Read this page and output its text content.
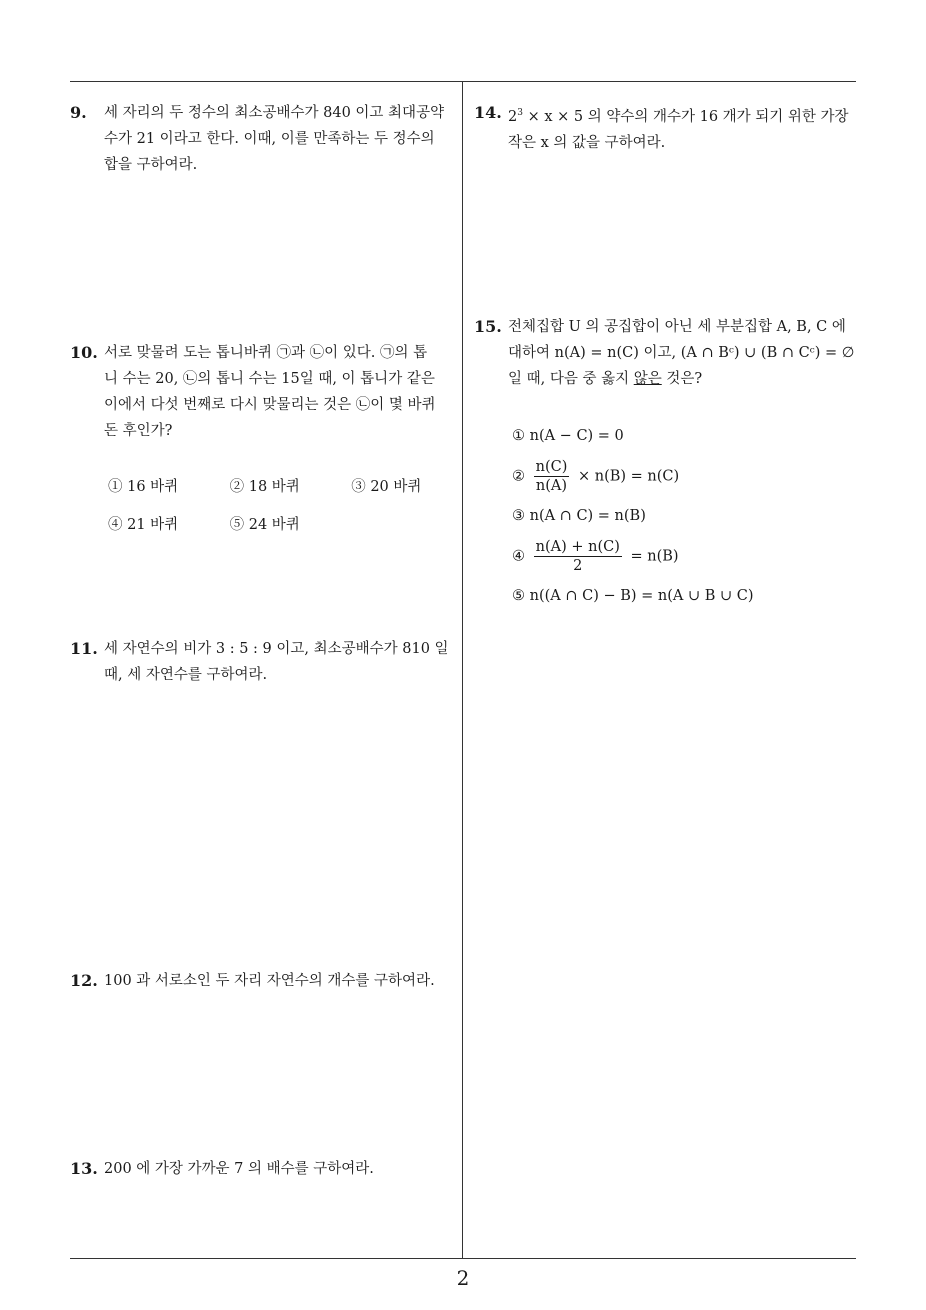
9. 세 자리의 두 정수의 최소공배수가 840 이고 최대공약
수가 21 이라고 한다. 이때, 이를 만족하는 두 정수의
합을 구하여라.
10. 서로 맞물려 도는 톱니바퀴 ㉠과 ㉡이 있다. ㉠의 톱
니 수는 20, ㉡의 톱니 수는 15일 때, 이 톱니가 같은
이에서 다섯 번째로 다시 맞물리는 것은 ㉡이 몇 바퀴
돈 후인가?
① 16 바퀴	② 18 바퀴	③ 20 바퀴
④ 21 바퀴	⑤ 24 바퀴
11. 세 자연수의 비가 3 : 5 : 9 이고, 최소공배수가 810 일
때, 세 자연수를 구하여라.
12. 100 과 서로소인 두 자리 자연수의 개수를 구하여라.
13. 200 에 가장 가까운 7 의 배수를 구하여라.
14. $2^3 \times x \times 5$ 의 약수의 개수가 16 개가 되기 위한 가장
작은 x 의 값을 구하여라.
15. 전체집합 U 의 공집합이 아닌 세 부분집합 A, B, C 에
대하여 n(A) = n(C) 이고, (A ∩ Bᶜ) ∪ (B ∩ Cᶜ) = ∅
일 때, 다음 중 옳지 않은 것은?
① n(A − C) = 0
② $\frac{n(C)}{n(A)} \times n(B) = n(C)$
③ n(A ∩ C) = n(B)
④ $\frac{n(A) + n(C)}{2} = n(B)$
⑤ n((A ∩ C) − B) = n(A ∪ B ∪ C)
2
